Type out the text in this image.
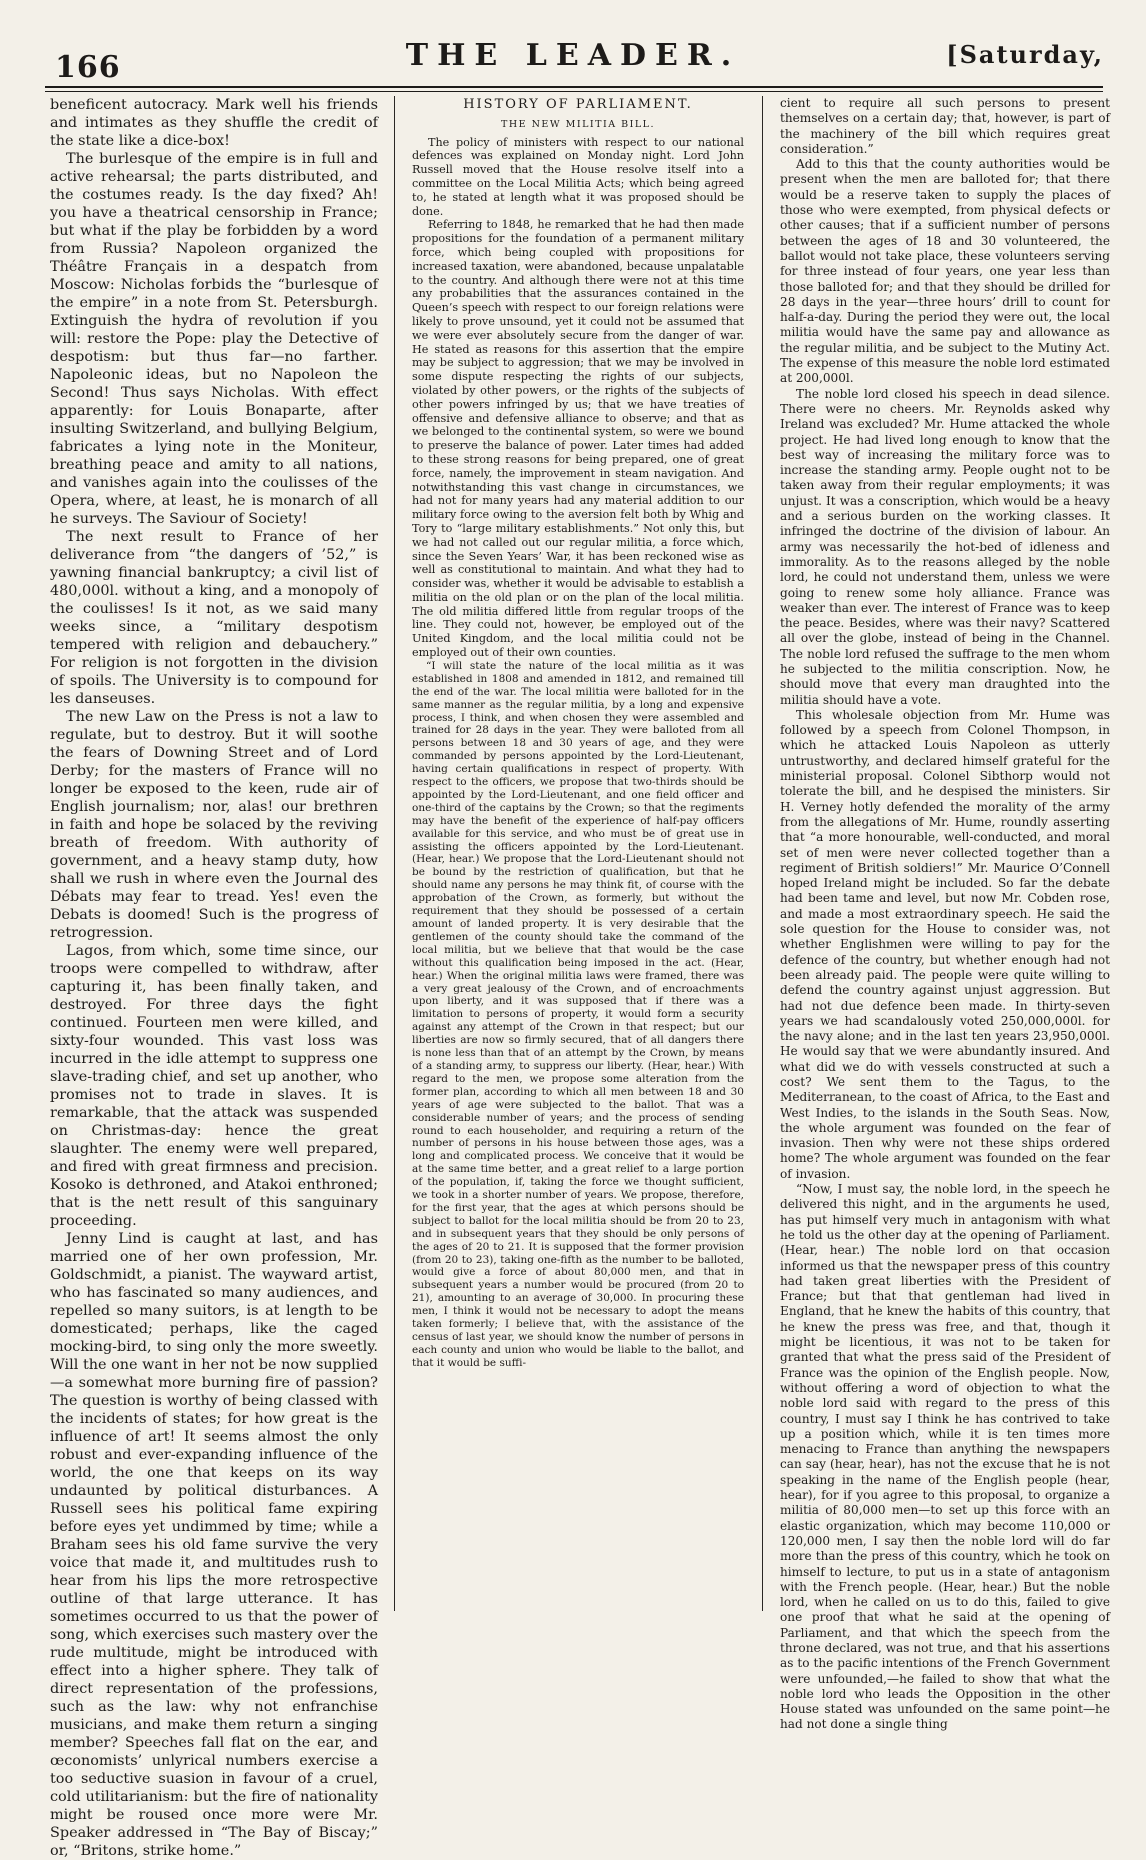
166	THE LEADER.	[Saturday,

beneficent autocracy. Mark well his friends and intimates as they shuffle the credit of the state like a dice-box!

The burlesque of the empire is in full and active rehearsal; the parts distributed, and the costumes ready. Is the day fixed? Ah! you have a theatrical censorship in France; but what if the play be forbidden by a word from Russia? Napoleon organized the Théâtre Français in a despatch from Moscow: Nicholas forbids the “burlesque of the empire” in a note from St. Petersburgh. Extinguish the hydra of revolution if you will: restore the Pope: play the Detective of despotism: but thus far—no farther. Napoleonic ideas, but no Napoleon the Second! Thus says Nicholas. With effect apparently: for Louis Bonaparte, after insulting Switzerland, and bullying Belgium, fabricates a lying note in the Moniteur, breathing peace and amity to all nations, and vanishes again into the coulisses of the Opera, where, at least, he is monarch of all he surveys. The Saviour of Society!

The next result to France of her deliverance from “the dangers of ’52,” is yawning financial bankruptcy; a civil list of 480,000l. without a king, and a monopoly of the coulisses! Is it not, as we said many weeks since, a “military despotism tempered with religion and debauchery.” For religion is not forgotten in the division of spoils. The University is to compound for les danseuses.

The new Law on the Press is not a law to regulate, but to destroy. But it will soothe the fears of Downing Street and of Lord Derby; for the masters of France will no longer be exposed to the keen, rude air of English journalism; nor, alas! our brethren in faith and hope be solaced by the reviving breath of freedom. With authority of government, and a heavy stamp duty, how shall we rush in where even the Journal des Débats may fear to tread. Yes! even the Debats is doomed! Such is the progress of retrogression.

Lagos, from which, some time since, our troops were compelled to withdraw, after capturing it, has been finally taken, and destroyed. For three days the fight continued. Fourteen men were killed, and sixty-four wounded. This vast loss was incurred in the idle attempt to suppress one slave-trading chief, and set up another, who promises not to trade in slaves. It is remarkable, that the attack was suspended on Christmas-day: hence the great slaughter. The enemy were well prepared, and fired with great firmness and precision. Kosoko is dethroned, and Atakoi enthroned; that is the nett result of this sanguinary proceeding.

Jenny Lind is caught at last, and has married one of her own profession, Mr. Goldschmidt, a pianist. The wayward artist, who has fascinated so many audiences, and repelled so many suitors, is at length to be domesticated; perhaps, like the caged mocking-bird, to sing only the more sweetly. Will the one want in her not be now supplied—a somewhat more burning fire of passion? The question is worthy of being classed with the incidents of states; for how great is the influence of art! It seems almost the only robust and ever-expanding influence of the world, the one that keeps on its way undaunted by political disturbances. A Russell sees his political fame expiring before eyes yet undimmed by time; while a Braham sees his old fame survive the very voice that made it, and multitudes rush to hear from his lips the more retrospective outline of that large utterance. It has sometimes occurred to us that the power of song, which exercises such mastery over the rude multitude, might be introduced with effect into a higher sphere. They talk of direct representation of the professions, such as the law: why not enfranchise musicians, and make them return a singing member? Speeches fall flat on the ear, and œconomists’ unlyrical numbers exercise a too seductive suasion in favour of a cruel, cold utilitarianism: but the fire of nationality might be roused once more were Mr. Speaker addressed in “The Bay of Biscay;” or, “Britons, strike home.”

HISTORY OF PARLIAMENT.
THE NEW MILITIA BILL.

The policy of ministers with respect to our national defences was explained on Monday night. Lord John Russell moved that the House resolve itself into a committee on the Local Militia Acts; which being agreed to, he stated at length what it was proposed should be done.

Referring to 1848, he remarked that he had then made propositions for the foundation of a permanent military force, which being coupled with propositions for increased taxation, were abandoned, because unpalatable to the country. And although there were not at this time any probabilities that the assurances contained in the Queen’s speech with respect to our foreign relations were likely to prove unsound, yet it could not be assumed that we were ever absolutely secure from the danger of war. He stated as reasons for this assertion that the empire may be subject to aggression; that we may be involved in some dispute respecting the rights of our subjects, violated by other powers, or the rights of the subjects of other powers infringed by us; that we have treaties of offensive and defensive alliance to observe; and that as we belonged to the continental system, so were we bound to preserve the balance of power. Later times had added to these strong reasons for being prepared, one of great force, namely, the improvement in steam navigation. And notwithstanding this vast change in circumstances, we had not for many years had any material addition to our military force owing to the aversion felt both by Whig and Tory to “large military establishments.” Not only this, but we had not called out our regular militia, a force which, since the Seven Years’ War, it has been reckoned wise as well as constitutional to maintain. And what they had to consider was, whether it would be advisable to establish a militia on the old plan or on the plan of the local militia. The old militia differed little from regular troops of the line. They could not, however, be employed out of the United Kingdom, and the local militia could not be employed out of their own counties.

“I will state the nature of the local militia as it was established in 1808 and amended in 1812, and remained till the end of the war. The local militia were balloted for in the same manner as the regular militia, by a long and expensive process, I think, and when chosen they were assembled and trained for 28 days in the year. They were balloted from all persons between 18 and 30 years of age, and they were commanded by persons appointed by the Lord-Lieutenant, having certain qualifications in respect of property. With respect to the officers, we propose that two-thirds should be appointed by the Lord-Lieutenant, and one field officer and one-third of the captains by the Crown; so that the regiments may have the benefit of the experience of half-pay officers available for this service, and who must be of great use in assisting the officers appointed by the Lord-Lieutenant. (Hear, hear.) We propose that the Lord-Lieutenant should not be bound by the restriction of qualification, but that he should name any persons he may think fit, of course with the approbation of the Crown, as formerly, but without the requirement that they should be possessed of a certain amount of landed property. It is very desirable that the gentlemen of the county should take the command of the local militia, but we believe that that would be the case without this qualification being imposed in the act. (Hear, hear.) When the original militia laws were framed, there was a very great jealousy of the Crown, and of encroachments upon liberty, and it was supposed that if there was a limitation to persons of property, it would form a security against any attempt of the Crown in that respect; but our liberties are now so firmly secured, that of all dangers there is none less than that of an attempt by the Crown, by means of a standing army, to suppress our liberty. (Hear, hear.) With regard to the men, we propose some alteration from the former plan, according to which all men between 18 and 30 years of age were subjected to the ballot. That was a considerable number of years; and the process of sending round to each householder, and requiring a return of the number of persons in his house between those ages, was a long and complicated process. We conceive that it would be at the same time better, and a great relief to a large portion of the population, if, taking the force we thought sufficient, we took in a shorter number of years. We propose, therefore, for the first year, that the ages at which persons should be subject to ballot for the local militia should be from 20 to 23, and in subsequent years that they should be only persons of the ages of 20 to 21. It is supposed that the former provision (from 20 to 23), taking one-fifth as the number to be balloted, would give a force of about 80,000 men, and that in subsequent years a number would be procured (from 20 to 21), amounting to an average of 30,000. In procuring these men, I think it would not be necessary to adopt the means taken formerly; I believe that, with the assistance of the census of last year, we should know the number of persons in each county and union who would be liable to the ballot, and that it would be suffi-

cient to require all such persons to present themselves on a certain day; that, however, is part of the machinery of the bill which requires great consideration.”

Add to this that the county authorities would be present when the men are balloted for; that there would be a reserve taken to supply the places of those who were exempted, from physical defects or other causes; that if a sufficient number of persons between the ages of 18 and 30 volunteered, the ballot would not take place, these volunteers serving for three instead of four years, one year less than those balloted for; and that they should be drilled for 28 days in the year—three hours’ drill to count for half-a-day. During the period they were out, the local militia would have the same pay and allowance as the regular militia, and be subject to the Mutiny Act. The expense of this measure the noble lord estimated at 200,000l.

The noble lord closed his speech in dead silence. There were no cheers. Mr. Reynolds asked why Ireland was excluded? Mr. Hume attacked the whole project. He had lived long enough to know that the best way of increasing the military force was to increase the standing army. People ought not to be taken away from their regular employments; it was unjust. It was a conscription, which would be a heavy and a serious burden on the working classes. It infringed the doctrine of the division of labour. An army was necessarily the hot-bed of idleness and immorality. As to the reasons alleged by the noble lord, he could not understand them, unless we were going to renew some holy alliance. France was weaker than ever. The interest of France was to keep the peace. Besides, where was their navy? Scattered all over the globe, instead of being in the Channel. The noble lord refused the suffrage to the men whom he subjected to the militia conscription. Now, he should move that every man draughted into the militia should have a vote.

This wholesale objection from Mr. Hume was followed by a speech from Colonel Thompson, in which he attacked Louis Napoleon as utterly untrustworthy, and declared himself grateful for the ministerial proposal. Colonel Sibthorp would not tolerate the bill, and he despised the ministers. Sir H. Verney hotly defended the morality of the army from the allegations of Mr. Hume, roundly asserting that “a more honourable, well-conducted, and moral set of men were never collected together than a regiment of British soldiers!” Mr. Maurice O’Connell hoped Ireland might be included. So far the debate had been tame and level, but now Mr. Cobden rose, and made a most extraordinary speech. He said the sole question for the House to consider was, not whether Englishmen were willing to pay for the defence of the country, but whether enough had not been already paid. The people were quite willing to defend the country against unjust aggression. But had not due defence been made. In thirty-seven years we had scandalously voted 250,000,000l. for the navy alone; and in the last ten years 23,950,000l. He would say that we were abundantly insured. And what did we do with vessels constructed at such a cost? We sent them to the Tagus, to the Mediterranean, to the coast of Africa, to the East and West Indies, to the islands in the South Seas. Now, the whole argument was founded on the fear of invasion. Then why were not these ships ordered home? The whole argument was founded on the fear of invasion.

“Now, I must say, the noble lord, in the speech he delivered this night, and in the arguments he used, has put himself very much in antagonism with what he told us the other day at the opening of Parliament. (Hear, hear.) The noble lord on that occasion informed us that the newspaper press of this country had taken great liberties with the President of France; but that that gentleman had lived in England, that he knew the habits of this country, that he knew the press was free, and that, though it might be licentious, it was not to be taken for granted that what the press said of the President of France was the opinion of the English people. Now, without offering a word of objection to what the noble lord said with regard to the press of this country, I must say I think he has contrived to take up a position which, while it is ten times more menacing to France than anything the newspapers can say (hear, hear), has not the excuse that he is not speaking in the name of the English people (hear, hear), for if you agree to this proposal, to organize a militia of 80,000 men—to set up this force with an elastic organization, which may become 110,000 or 120,000 men, I say then the noble lord will do far more than the press of this country, which he took on himself to lecture, to put us in a state of antagonism with the French people. (Hear, hear.) But the noble lord, when he called on us to do this, failed to give one proof that what he said at the opening of Parliament, and that which the speech from the throne declared, was not true, and that his assertions as to the pacific intentions of the French Government were unfounded,—he failed to show that what the noble lord who leads the Opposition in the other House stated was unfounded on the same point—he had not done a single thing
